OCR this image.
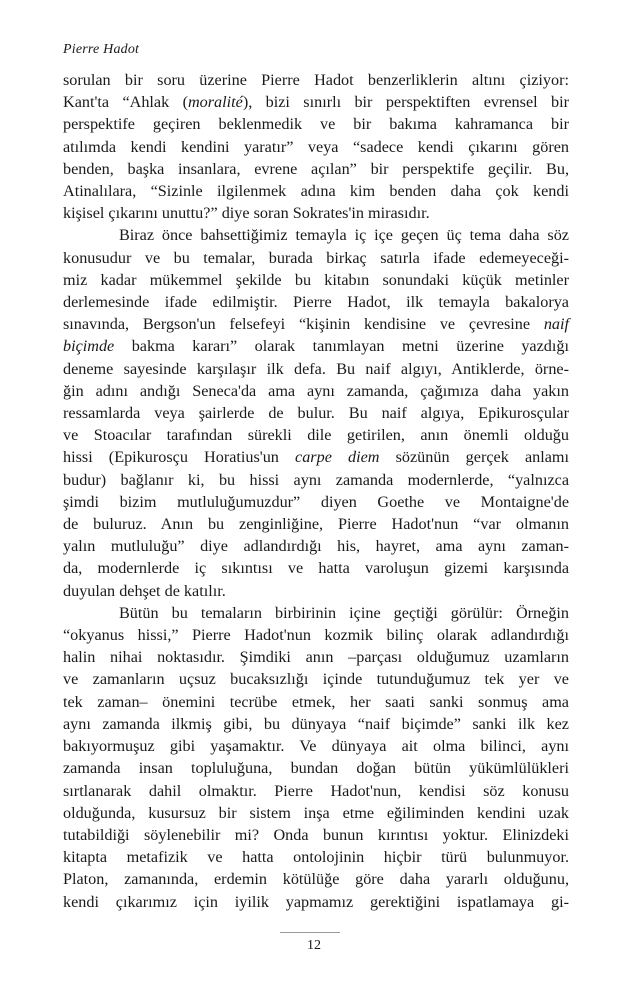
Pierre Hadot
sorulan bir soru üzerine Pierre Hadot benzerliklerin altını çiziyor:
Kant'ta “Ahlak (moralité), bizi sınırlı bir perspektiften evrensel bir
perspektife geçiren beklenmedik ve bir bakıma kahramanca bir
atılımda kendi kendini yaratır” veya “sadece kendi çıkarını gören
benden, başka insanlara, evrene açılan” bir perspektife geçilir. Bu,
Atinalılara, “Sizinle ilgilenmek adına kim benden daha çok kendi
kişisel çıkarını unuttu?” diye soran Sokrates'in mirasıdır.
Biraz önce bahsettiğimiz temayla iç içe geçen üç tema daha söz
konusudur ve bu temalar, burada birkaç satırla ifade edemeyeceği-
miz kadar mükemmel şekilde bu kitabın sonundaki küçük metinler
derlemesinde ifade edilmiştir. Pierre Hadot, ilk temayla bakalorya
sınavında, Bergson'un felsefeyi “kişinin kendisine ve çevresine naif
biçimde bakma kararı” olarak tanımlayan metni üzerine yazdığı
deneme sayesinde karşılaşır ilk defa. Bu naif algıyı, Antiklerde, örne-
ğin adını andığı Seneca'da ama aynı zamanda, çağımıza daha yakın
ressamlarda veya şairlerde de bulur. Bu naif algıya, Epikurosçular
ve Stoacılar tarafından sürekli dile getirilen, anın önemli olduğu
hissi (Epikurosçu Horatius'un carpe diem sözünün gerçek anlamı
budur) bağlanır ki, bu hissi aynı zamanda modernlerde, “yalnızca
şimdi bizim mutluluğumuzdur” diyen Goethe ve Montaigne'de
de buluruz. Anın bu zenginliğine, Pierre Hadot'nun “var olmanın
yalın mutluluğu” diye adlandırdığı his, hayret, ama aynı zaman-
da, modernlerde iç sıkıntısı ve hatta varoluşun gizemi karşısında
duyulan dehşet de katılır.
Bütün bu temaların birbirinin içine geçtiği görülür: Örneğin
“okyanus hissi,” Pierre Hadot'nun kozmik bilinç olarak adlandırdığı
halin nihai noktasıdır. Şimdiki anın –parçası olduğumuz uzamların
ve zamanların uçsuz bucaksızlığı içinde tutunduğumuz tek yer ve
tek zaman– önemini tecrübe etmek, her saati sanki sonmuş ama
aynı zamanda ilkmiş gibi, bu dünyaya “naif biçimde” sanki ilk kez
bakıyormuşuz gibi yaşamaktır. Ve dünyaya ait olma bilinci, aynı
zamanda insan topluluğuna, bundan doğan bütün yükümlülükleri
sırtlanarak dahil olmaktır. Pierre Hadot'nun, kendisi söz konusu
olduğunda, kusursuz bir sistem inşa etme eğiliminden kendini uzak
tutabildiği söylenebilir mi? Onda bunun kırıntısı yoktur. Elinizdeki
kitapta metafizik ve hatta ontolojinin hiçbir türü bulunmuyor.
Platon, zamanında, erdemin kötülüğe göre daha yararlı olduğunu,
kendi çıkarımız için iyilik yapmamız gerektiğini ispatlamaya gi-
12
